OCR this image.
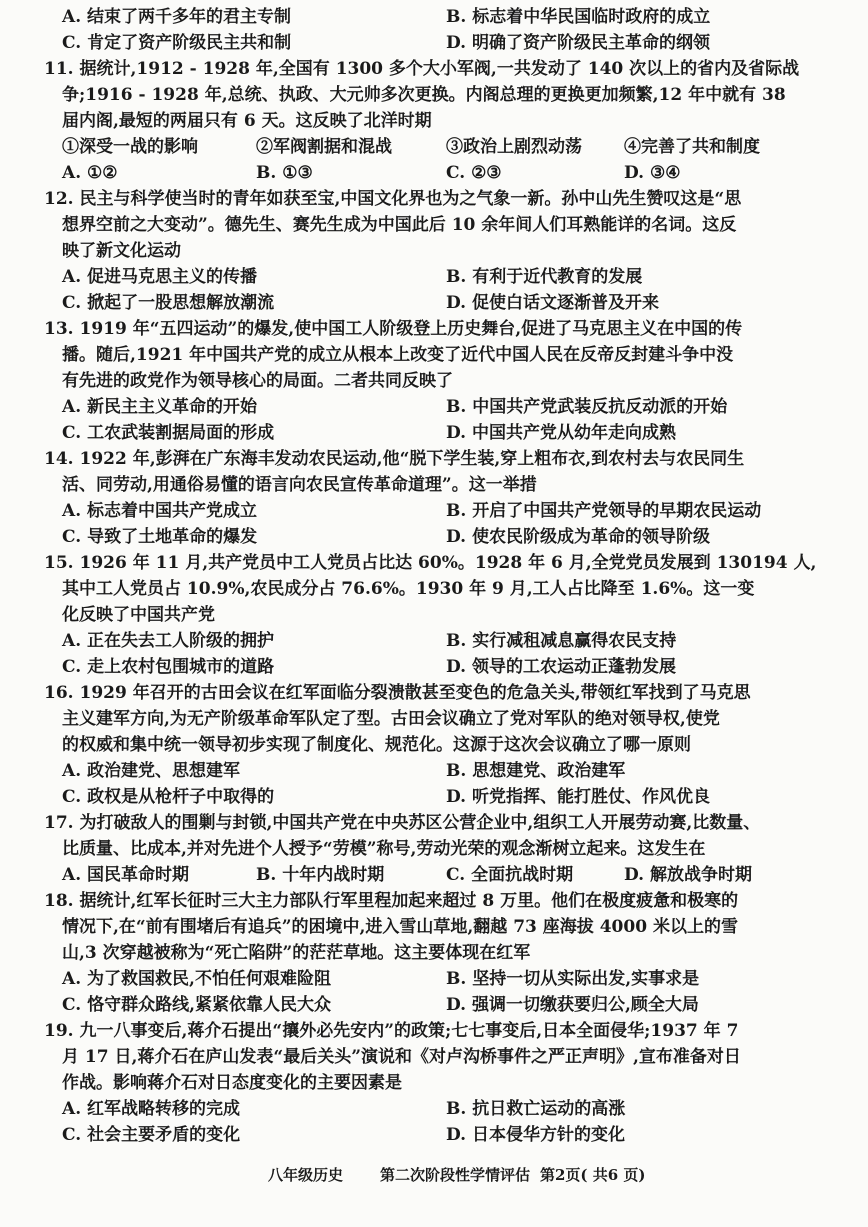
A. 结束了两千多年的君主专制	B. 标志着中华民国临时政府的成立
C. 肯定了资产阶级民主共和制	D. 明确了资产阶级民主革命的纲领
11. 据统计,1912 - 1928 年,全国有 1300 多个大小军阀,一共发动了 140 次以上的省内及省际战
争;1916 - 1928 年,总统、执政、大元帅多次更换。内阁总理的更换更加频繁,12 年中就有 38
届内阁,最短的两届只有 6 天。这反映了北洋时期
①深受一战的影响	②军阀割据和混战	③政治上剧烈动荡 ④完善了共和制度
A. ①②	B. ①③	C. ②③	D. ③④
12. 民主与科学使当时的青年如获至宝,中国文化界也为之气象一新。孙中山先生赞叹这是“思
想界空前之大变动”。德先生、赛先生成为中国此后 10 余年间人们耳熟能详的名词。这反
映了新文化运动
A. 促进马克思主义的传播	B. 有利于近代教育的发展
C. 掀起了一股思想解放潮流	D. 促使白话文逐渐普及开来
13. 1919 年“五四运动”的爆发,使中国工人阶级登上历史舞台,促进了马克思主义在中国的传
播。随后,1921 年中国共产党的成立从根本上改变了近代中国人民在反帝反封建斗争中没
有先进的政党作为领导核心的局面。二者共同反映了
A. 新民主主义革命的开始	B. 中国共产党武装反抗反动派的开始
C. 工农武装割据局面的形成	D. 中国共产党从幼年走向成熟
14. 1922 年,彭湃在广东海丰发动农民运动,他“脱下学生装,穿上粗布衣,到农村去与农民同生
活、同劳动,用通俗易懂的语言向农民宣传革命道理”。这一举措
A. 标志着中国共产党成立	B. 开启了中国共产党领导的早期农民运动
C. 导致了土地革命的爆发	D. 使农民阶级成为革命的领导阶级
15. 1926 年 11 月,共产党员中工人党员占比达 60%。1928 年 6 月,全党党员发展到 130194 人,
其中工人党员占 10.9%,农民成分占 76.6%。1930 年 9 月,工人占比降至 1.6%。这一变
化反映了中国共产党
A. 正在失去工人阶级的拥护	B. 实行减租减息赢得农民支持
C. 走上农村包围城市的道路	D. 领导的工农运动正蓬勃发展
16. 1929 年召开的古田会议在红军面临分裂溃散甚至变色的危急关头,带领红军找到了马克思
主义建军方向,为无产阶级革命军队定了型。古田会议确立了党对军队的绝对领导权,使党
的权威和集中统一领导初步实现了制度化、规范化。这源于这次会议确立了哪一原则
A. 政治建党、思想建军	B. 思想建党、政治建军
C. 政权是从枪杆子中取得的	D. 听党指挥、能打胜仗、作风优良
17. 为打破敌人的围剿与封锁,中国共产党在中央苏区公营企业中,组织工人开展劳动赛,比数量、
比质量、比成本,并对先进个人授予“劳模”称号,劳动光荣的观念渐树立起来。这发生在
A. 国民革命时期	B. 十年内战时期	C. 全面抗战时期	D. 解放战争时期
18. 据统计,红军长征时三大主力部队行军里程加起来超过 8 万里。他们在极度疲惫和极寒的
情况下,在“前有围堵后有追兵”的困境中,进入雪山草地,翻越 73 座海拔 4000 米以上的雪
山,3 次穿越被称为“死亡陷阱”的茫茫草地。这主要体现在红军
A. 为了救国救民,不怕任何艰难险阻	B. 坚持一切从实际出发,实事求是
C. 恪守群众路线,紧紧依靠人民大众	D. 强调一切缴获要归公,顾全大局
19. 九一八事变后,蒋介石提出“攘外必先安内”的政策;七七事变后,日本全面侵华;1937 年 7
月 17 日,蒋介石在庐山发表“最后关头”演说和《对卢沟桥事件之严正声明》,宣布准备对日
作战。影响蒋介石对日态度变化的主要因素是
A. 红军战略转移的完成	B. 抗日救亡运动的高涨
C. 社会主要矛盾的变化	D. 日本侵华方针的变化
八年级历史 第二次阶段性学情评估 第2页( 共6 页)
